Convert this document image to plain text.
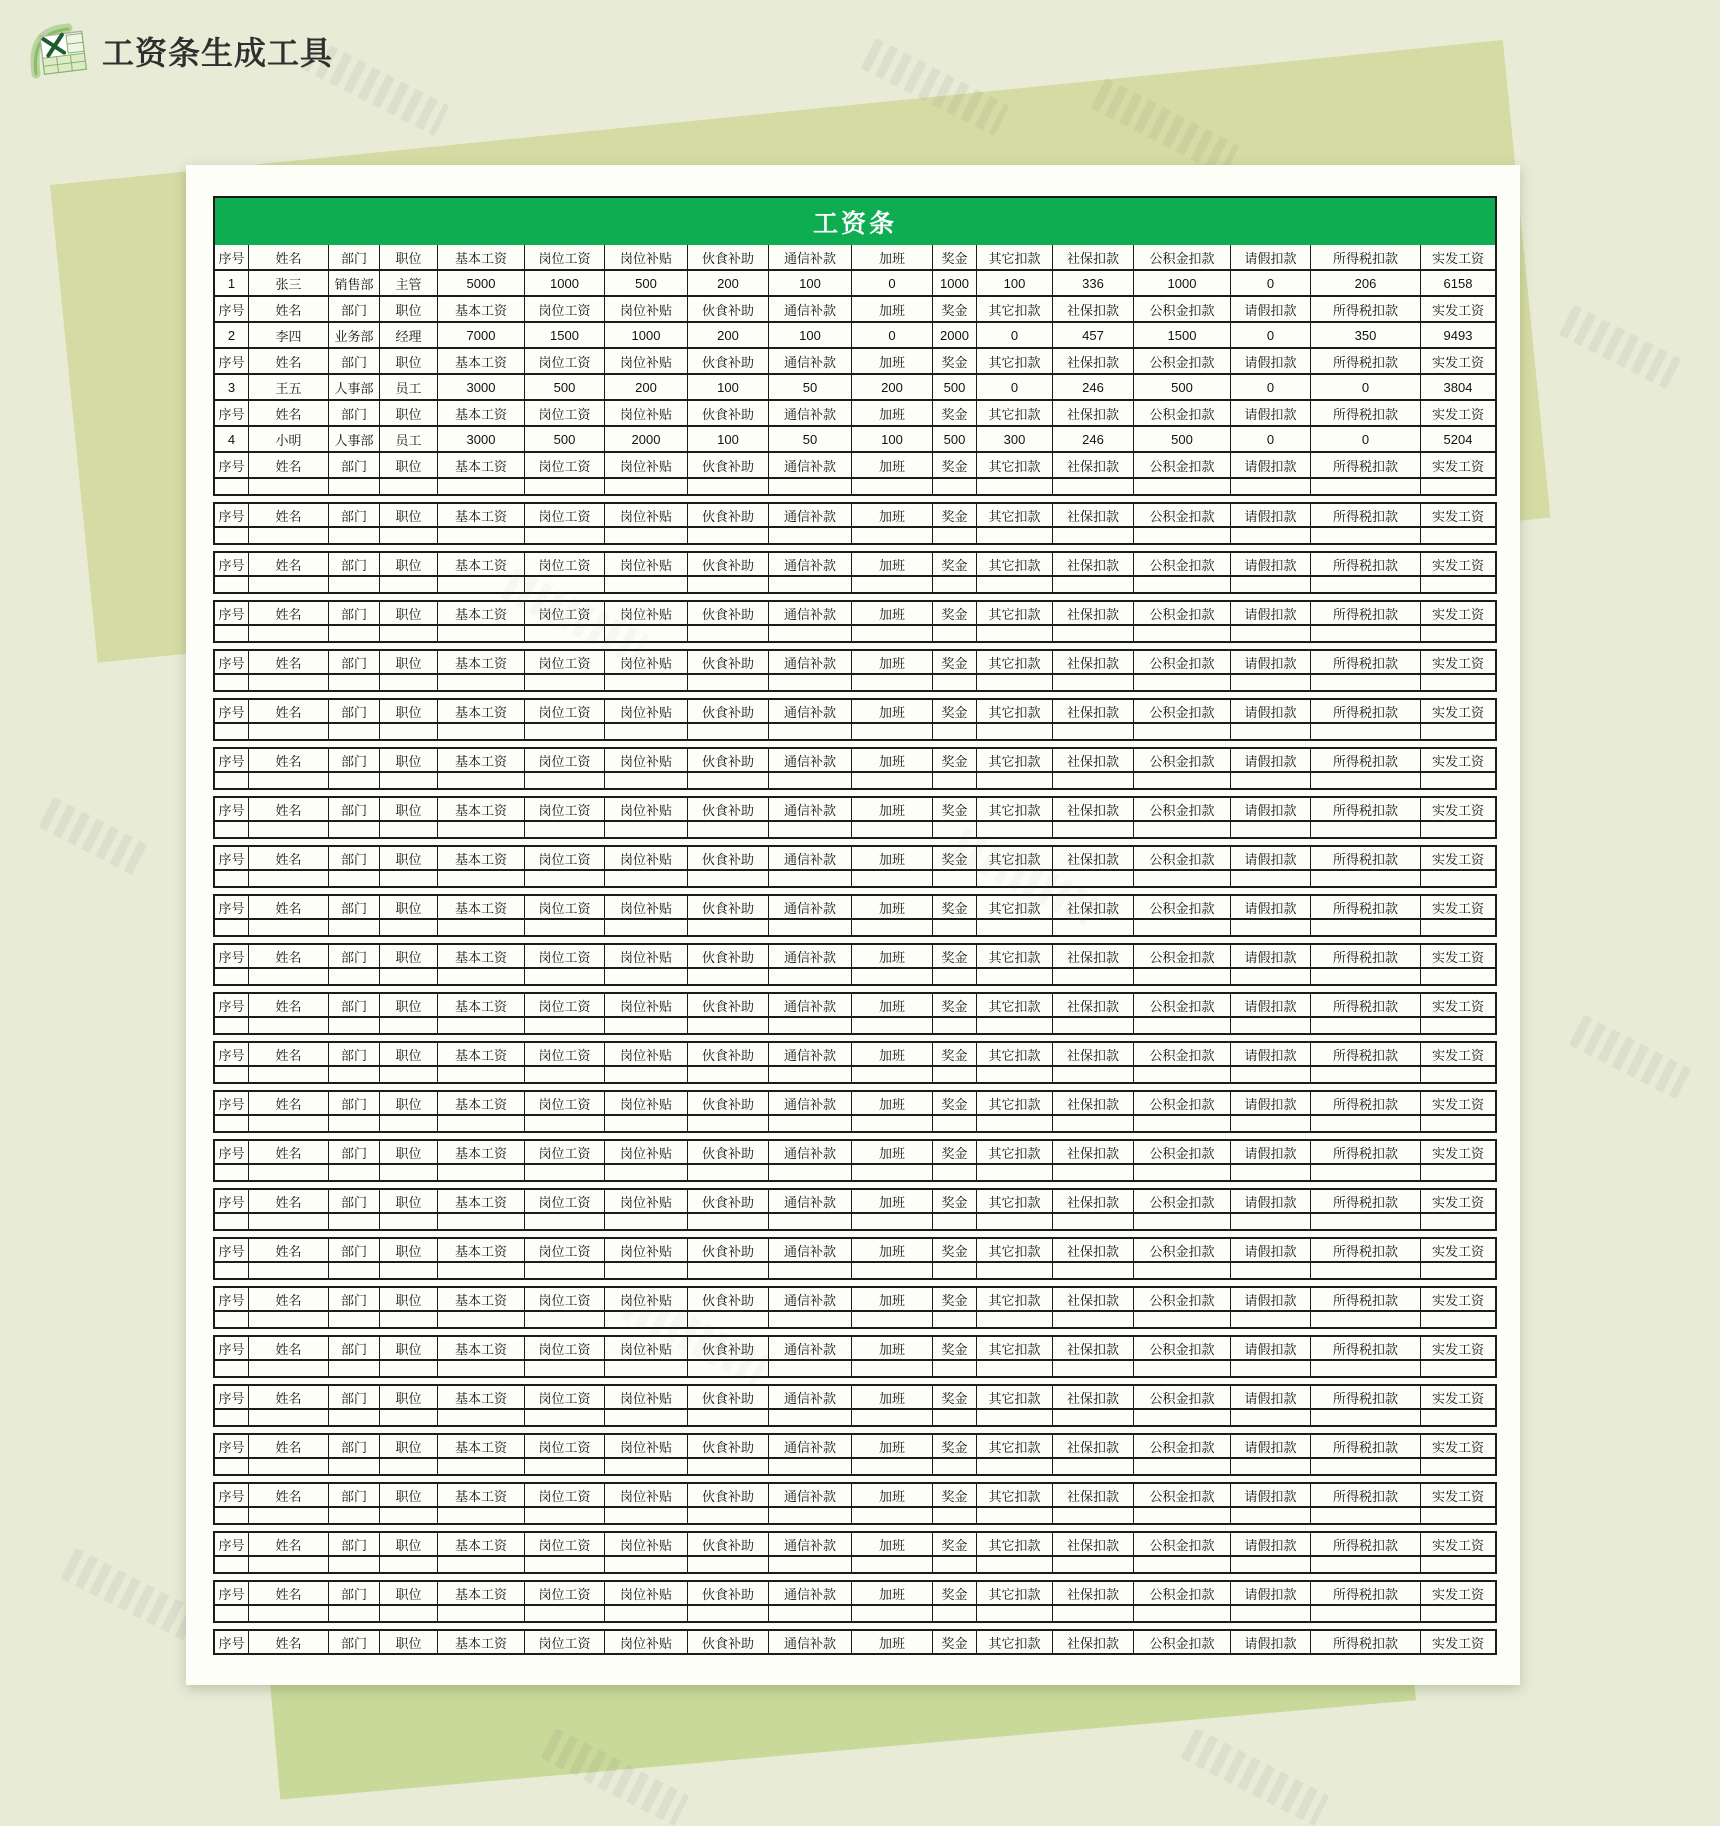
工资条生成工具
工资条
序号	姓名	部门	职位	基本工资	岗位工资	岗位补贴	伙食补助	通信补款	加班	奖金	其它扣款	社保扣款	公积金扣款	请假扣款	所得税扣款	实发工资
1	张三	销售部	主管	5000	1000	500	200	100	0	1000	100	336	1000	0	206	6158
序号	姓名	部门	职位	基本工资	岗位工资	岗位补贴	伙食补助	通信补款	加班	奖金	其它扣款	社保扣款	公积金扣款	请假扣款	所得税扣款	实发工资
2	李四	业务部	经理	7000	1500	1000	200	100	0	2000	0	457	1500	0	350	9493
序号	姓名	部门	职位	基本工资	岗位工资	岗位补贴	伙食补助	通信补款	加班	奖金	其它扣款	社保扣款	公积金扣款	请假扣款	所得税扣款	实发工资
3	王五	人事部	员工	3000	500	200	100	50	200	500	0	246	500	0	0	3804
序号	姓名	部门	职位	基本工资	岗位工资	岗位补贴	伙食补助	通信补款	加班	奖金	其它扣款	社保扣款	公积金扣款	请假扣款	所得税扣款	实发工资
4	小明	人事部	员工	3000	500	2000	100	50	100	500	300	246	500	0	0	5204
序号	姓名	部门	职位	基本工资	岗位工资	岗位补贴	伙食补助	通信补款	加班	奖金	其它扣款	社保扣款	公积金扣款	请假扣款	所得税扣款	实发工资
序号	姓名	部门	职位	基本工资	岗位工资	岗位补贴	伙食补助	通信补款	加班	奖金	其它扣款	社保扣款	公积金扣款	请假扣款	所得税扣款	实发工资
序号	姓名	部门	职位	基本工资	岗位工资	岗位补贴	伙食补助	通信补款	加班	奖金	其它扣款	社保扣款	公积金扣款	请假扣款	所得税扣款	实发工资
序号	姓名	部门	职位	基本工资	岗位工资	岗位补贴	伙食补助	通信补款	加班	奖金	其它扣款	社保扣款	公积金扣款	请假扣款	所得税扣款	实发工资
序号	姓名	部门	职位	基本工资	岗位工资	岗位补贴	伙食补助	通信补款	加班	奖金	其它扣款	社保扣款	公积金扣款	请假扣款	所得税扣款	实发工资
序号	姓名	部门	职位	基本工资	岗位工资	岗位补贴	伙食补助	通信补款	加班	奖金	其它扣款	社保扣款	公积金扣款	请假扣款	所得税扣款	实发工资
序号	姓名	部门	职位	基本工资	岗位工资	岗位补贴	伙食补助	通信补款	加班	奖金	其它扣款	社保扣款	公积金扣款	请假扣款	所得税扣款	实发工资
序号	姓名	部门	职位	基本工资	岗位工资	岗位补贴	伙食补助	通信补款	加班	奖金	其它扣款	社保扣款	公积金扣款	请假扣款	所得税扣款	实发工资
序号	姓名	部门	职位	基本工资	岗位工资	岗位补贴	伙食补助	通信补款	加班	奖金	其它扣款	社保扣款	公积金扣款	请假扣款	所得税扣款	实发工资
序号	姓名	部门	职位	基本工资	岗位工资	岗位补贴	伙食补助	通信补款	加班	奖金	其它扣款	社保扣款	公积金扣款	请假扣款	所得税扣款	实发工资
序号	姓名	部门	职位	基本工资	岗位工资	岗位补贴	伙食补助	通信补款	加班	奖金	其它扣款	社保扣款	公积金扣款	请假扣款	所得税扣款	实发工资
序号	姓名	部门	职位	基本工资	岗位工资	岗位补贴	伙食补助	通信补款	加班	奖金	其它扣款	社保扣款	公积金扣款	请假扣款	所得税扣款	实发工资
序号	姓名	部门	职位	基本工资	岗位工资	岗位补贴	伙食补助	通信补款	加班	奖金	其它扣款	社保扣款	公积金扣款	请假扣款	所得税扣款	实发工资
序号	姓名	部门	职位	基本工资	岗位工资	岗位补贴	伙食补助	通信补款	加班	奖金	其它扣款	社保扣款	公积金扣款	请假扣款	所得税扣款	实发工资
序号	姓名	部门	职位	基本工资	岗位工资	岗位补贴	伙食补助	通信补款	加班	奖金	其它扣款	社保扣款	公积金扣款	请假扣款	所得税扣款	实发工资
序号	姓名	部门	职位	基本工资	岗位工资	岗位补贴	伙食补助	通信补款	加班	奖金	其它扣款	社保扣款	公积金扣款	请假扣款	所得税扣款	实发工资
序号	姓名	部门	职位	基本工资	岗位工资	岗位补贴	伙食补助	通信补款	加班	奖金	其它扣款	社保扣款	公积金扣款	请假扣款	所得税扣款	实发工资
序号	姓名	部门	职位	基本工资	岗位工资	岗位补贴	伙食补助	通信补款	加班	奖金	其它扣款	社保扣款	公积金扣款	请假扣款	所得税扣款	实发工资
序号	姓名	部门	职位	基本工资	岗位工资	岗位补贴	伙食补助	通信补款	加班	奖金	其它扣款	社保扣款	公积金扣款	请假扣款	所得税扣款	实发工资
序号	姓名	部门	职位	基本工资	岗位工资	岗位补贴	伙食补助	通信补款	加班	奖金	其它扣款	社保扣款	公积金扣款	请假扣款	所得税扣款	实发工资
序号	姓名	部门	职位	基本工资	岗位工资	岗位补贴	伙食补助	通信补款	加班	奖金	其它扣款	社保扣款	公积金扣款	请假扣款	所得税扣款	实发工资
序号	姓名	部门	职位	基本工资	岗位工资	岗位补贴	伙食补助	通信补款	加班	奖金	其它扣款	社保扣款	公积金扣款	请假扣款	所得税扣款	实发工资
序号	姓名	部门	职位	基本工资	岗位工资	岗位补贴	伙食补助	通信补款	加班	奖金	其它扣款	社保扣款	公积金扣款	请假扣款	所得税扣款	实发工资
序号	姓名	部门	职位	基本工资	岗位工资	岗位补贴	伙食补助	通信补款	加班	奖金	其它扣款	社保扣款	公积金扣款	请假扣款	所得税扣款	实发工资
序号	姓名	部门	职位	基本工资	岗位工资	岗位补贴	伙食补助	通信补款	加班	奖金	其它扣款	社保扣款	公积金扣款	请假扣款	所得税扣款	实发工资
